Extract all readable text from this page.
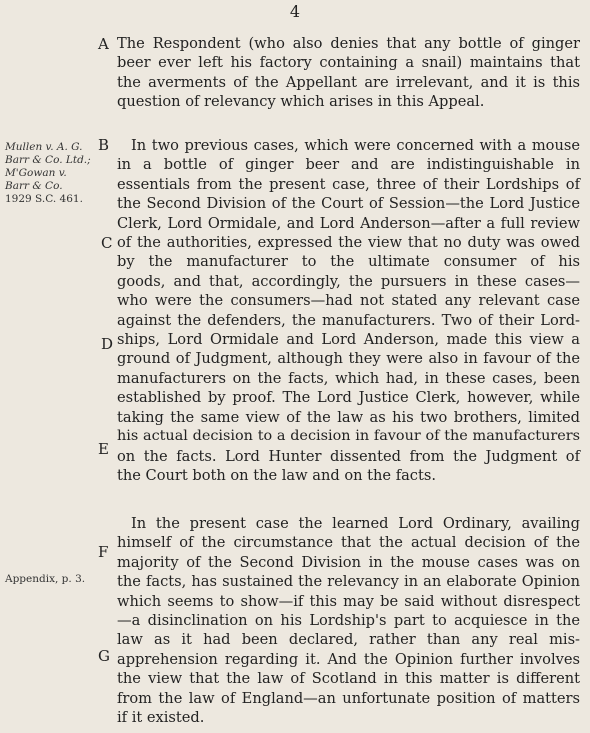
4
A
B
C
D
E
F
G
Mullen v. A. G.
Barr & Co. Ltd.;
M'Gowan v.
Barr & Co.
1929 S.C. 461.
Appendix, p. 3.
The Respondent (who also denies that any bottle of ginger
beer ever left his factory containing a snail) maintains that
the averments of the Appellant are irrelevant, and it is this
question of relevancy which arises in this Appeal.
In two previous cases, which were concerned with a mouse
in a bottle of ginger beer and are indistinguishable in
essentials from the present case, three of their Lordships of
the Second Division of the Court of Session—the Lord Justice
Clerk, Lord Ormidale, and Lord Anderson—after a full review
of the authorities, expressed the view that no duty was owed
by the manufacturer to the ultimate consumer of his
goods, and that, accordingly, the pursuers in these cases—
who were the consumers—had not stated any relevant case
against the defenders, the manufacturers. Two of their Lord-
ships, Lord Ormidale and Lord Anderson, made this view a
ground of Judgment, although they were also in favour of the
manufacturers on the facts, which had, in these cases, been
established by proof. The Lord Justice Clerk, however, while
taking the same view of the law as his two brothers, limited
his actual decision to a decision in favour of the manufacturers
on the facts. Lord Hunter dissented from the Judgment of
the Court both on the law and on the facts.
In the present case the learned Lord Ordinary, availing
himself of the circumstance that the actual decision of the
majority of the Second Division in the mouse cases was on
the facts, has sustained the relevancy in an elaborate Opinion
which seems to show—if this may be said without disrespect
—a disinclination on his Lordship's part to acquiesce in the
law as it had been declared, rather than any real mis-
apprehension regarding it. And the Opinion further involves
the view that the law of Scotland in this matter is different
from the law of England—an unfortunate position of matters
if it existed.
